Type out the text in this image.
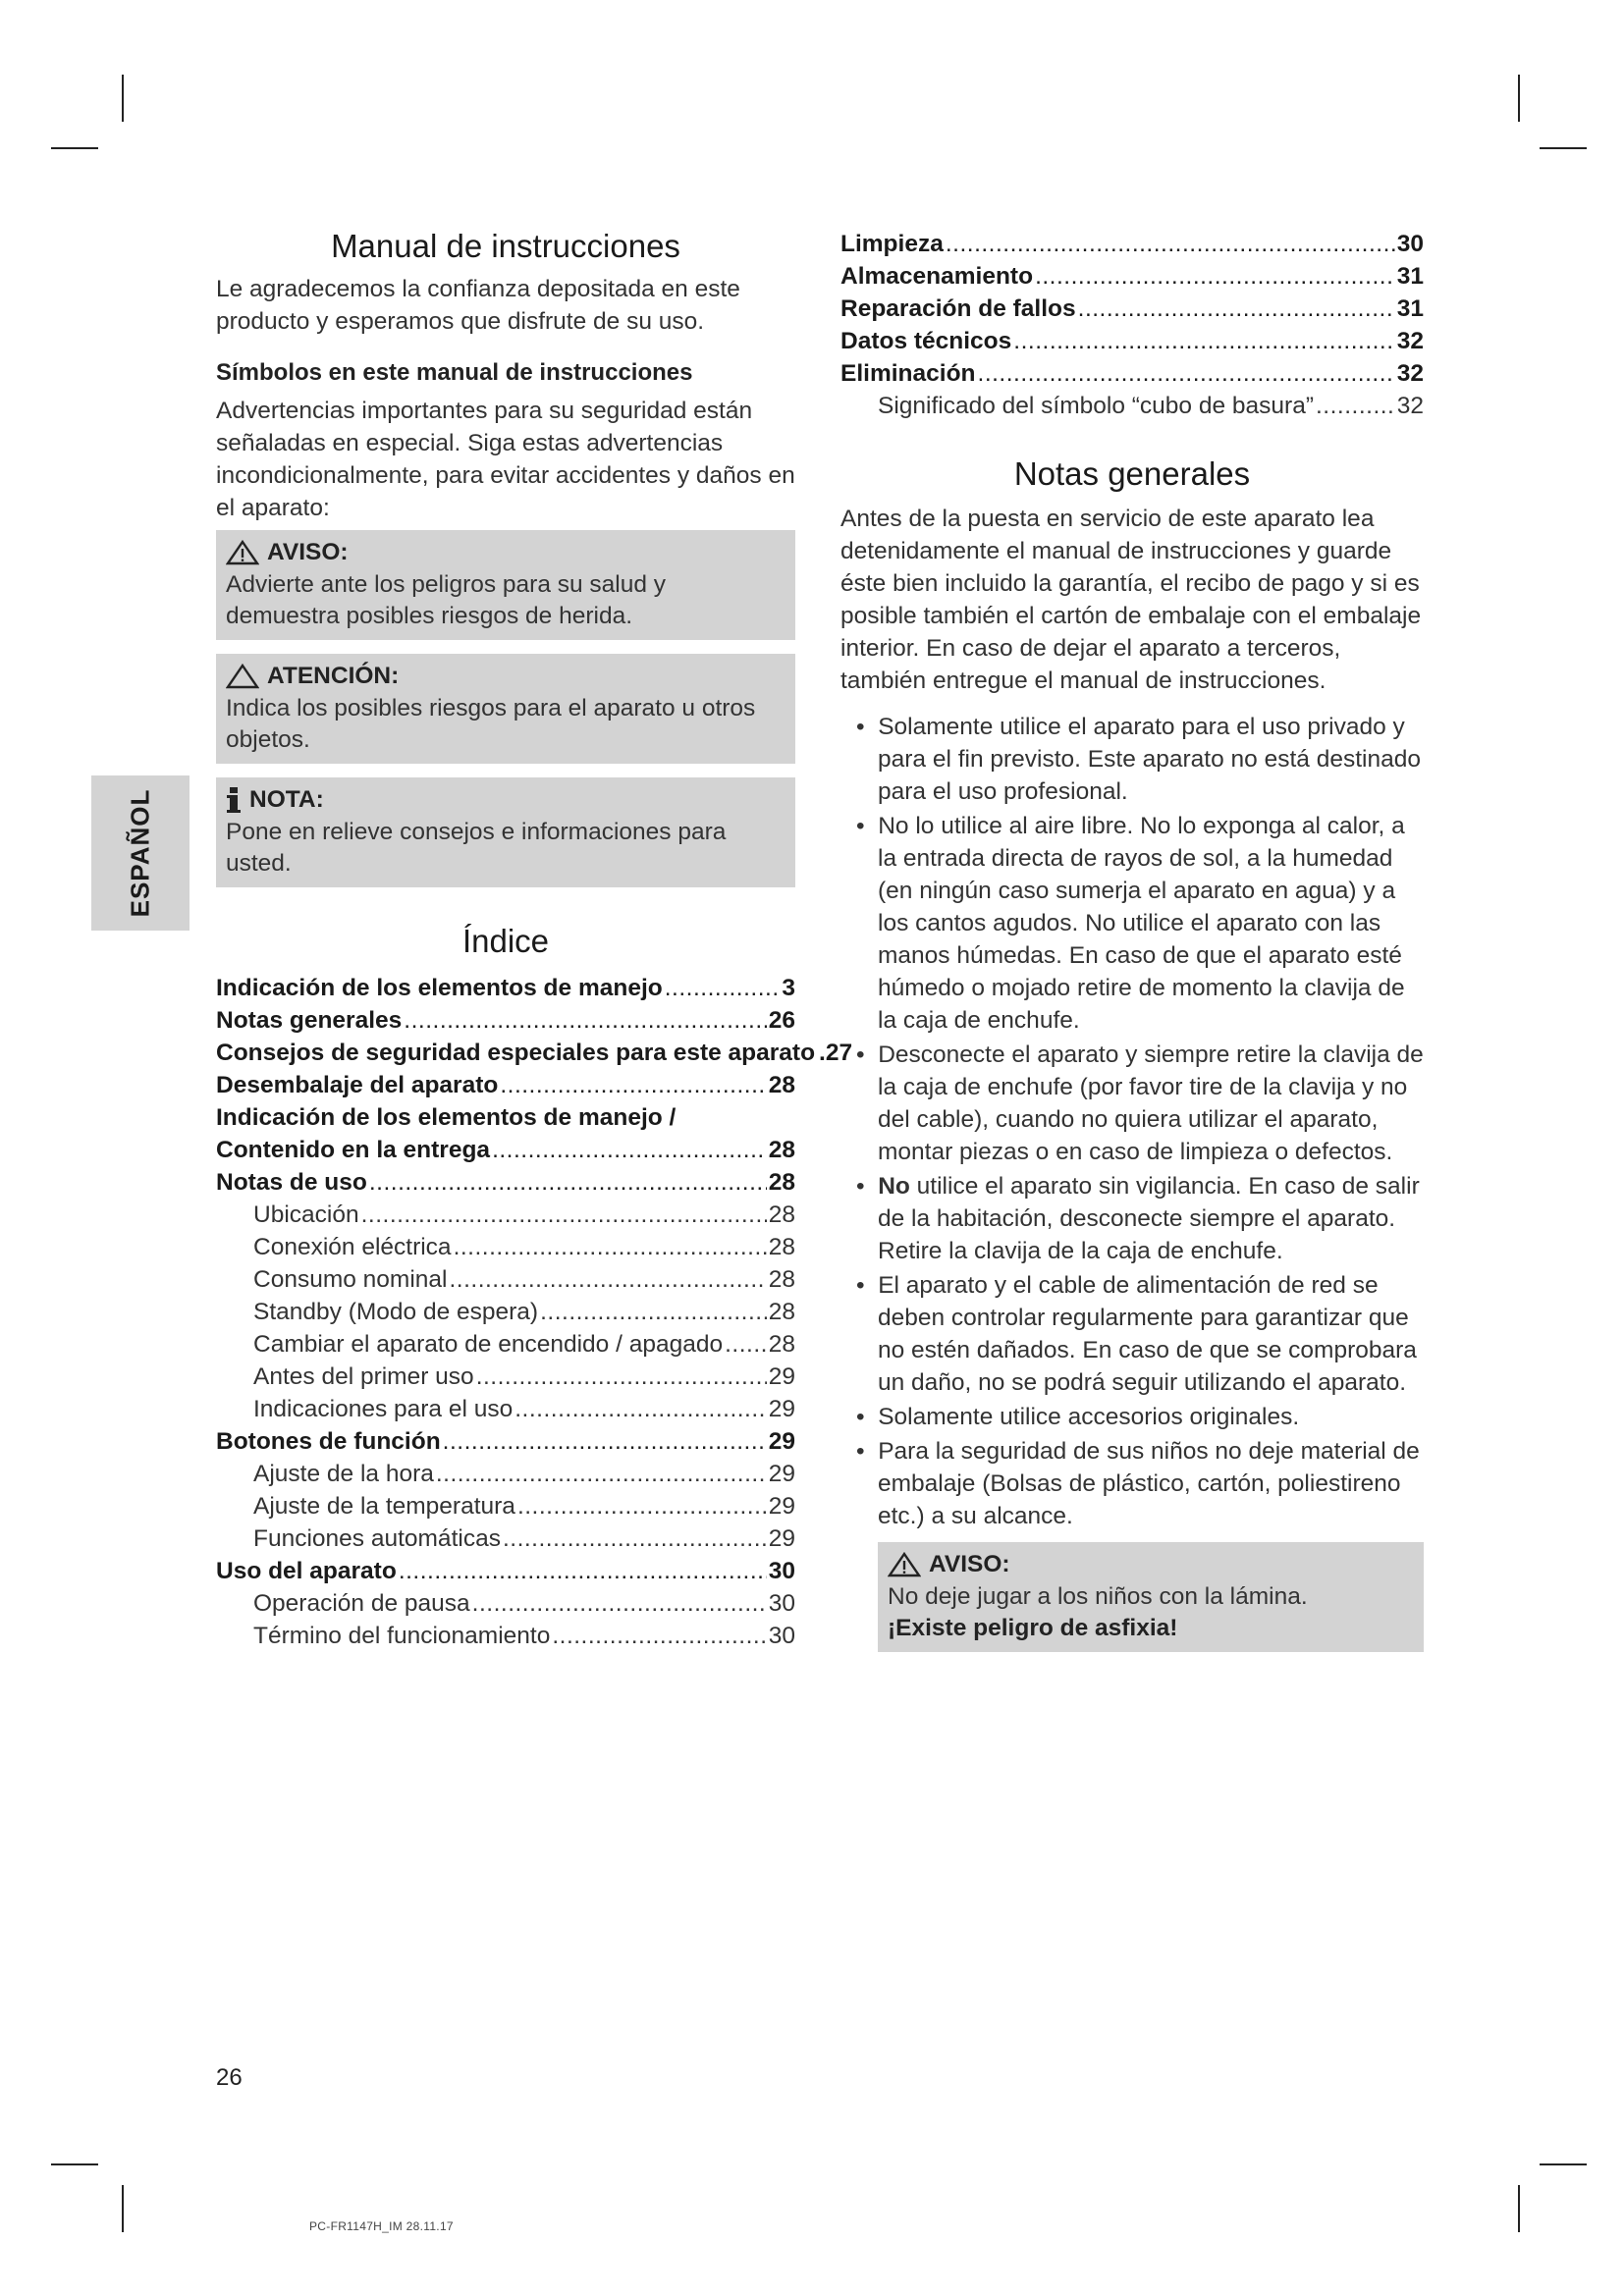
ESPAÑOL
Manual de instrucciones

Le agradecemos la confianza depositada en este producto y esperamos que disfrute de su uso.

Símbolos en este manual de instrucciones

Advertencias importantes para su seguridad están señaladas en especial. Siga estas advertencias incondicionalmente, para evitar accidentes y daños en el aparato:

AVISO:
Advierte ante los peligros para su salud y demuestra posibles riesgos de herida.
ATENCIÓN:
Indica los posibles riesgos para el aparato u otros objetos.
NOTA:
Pone en relieve consejos e informaciones para usted.
Índice
Indicación de los elementos de manejo .....	3
Notas generales .....	26
Consejos de seguridad especiales para este aparato .27
Desembalaje del aparato .....	28
Indicación de los elementos de manejo /
Contenido en la entrega .....	28
Notas de uso .....	28
Ubicación .....	28
Conexión eléctrica .....	28
Consumo nominal .....	28
Standby (Modo de espera) .....	28
Cambiar el aparato de encendido / apagado ..... 28
Antes del primer uso .....	29
Indicaciones para el uso .....	29
Botones de función .....	29
Ajuste de la hora .....	29
Ajuste de la temperatura .....	29
Funciones automáticas .....	29
Uso del aparato .....	30
Operación de pausa .....	30
Término del funcionamiento .....	30
Limpieza .....	30
Almacenamiento .....	31
Reparación de fallos .....	31
Datos técnicos .....	32
Eliminación .....	32
Significado del símbolo “cubo de basura” .....	32
Notas generales

Antes de la puesta en servicio de este aparato lea detenidamente el manual de instrucciones y guarde éste bien incluido la garantía, el recibo de pago y si es posible también el cartón de embalaje con el embalaje interior. En caso de dejar el aparato a terceros, también entregue el manual de instrucciones.

•  Solamente utilice el aparato para el uso privado y para el fin previsto. Este aparato no está destinado para el uso profesional.
•  No lo utilice al aire libre. No lo exponga al calor, a la entrada directa de rayos de sol, a la humedad (en ningún caso sumerja el aparato en agua) y a los cantos agudos. No utilice el aparato con las manos húmedas. En caso de que el aparato esté húmedo o mojado retire de momento la clavija de la caja de enchufe.
•  Desconecte el aparato y siempre retire la clavija de la caja de enchufe (por favor tire de la clavija y no del cable), cuando no quiera utilizar el aparato, montar piezas o en caso de limpieza o defectos.
•  No utilice el aparato sin vigilancia. En caso de salir de la habitación, desconecte siempre el aparato. Retire la clavija de la caja de enchufe.
•  El aparato y el cable de alimentación de red se deben controlar regularmente para garantizar que no estén dañados. En caso de que se comprobara un daño, no se podrá seguir utilizando el aparato.
•  Solamente utilice accesorios originales.
•  Para la seguridad de sus niños no deje material de embalaje (Bolsas de plástico, cartón, poliestireno etc.) a su alcance.
AVISO:
No deje jugar a los niños con la lámina.
¡Existe peligro de asfixia!
26
PC-FR1147H_IM 28.11.17
